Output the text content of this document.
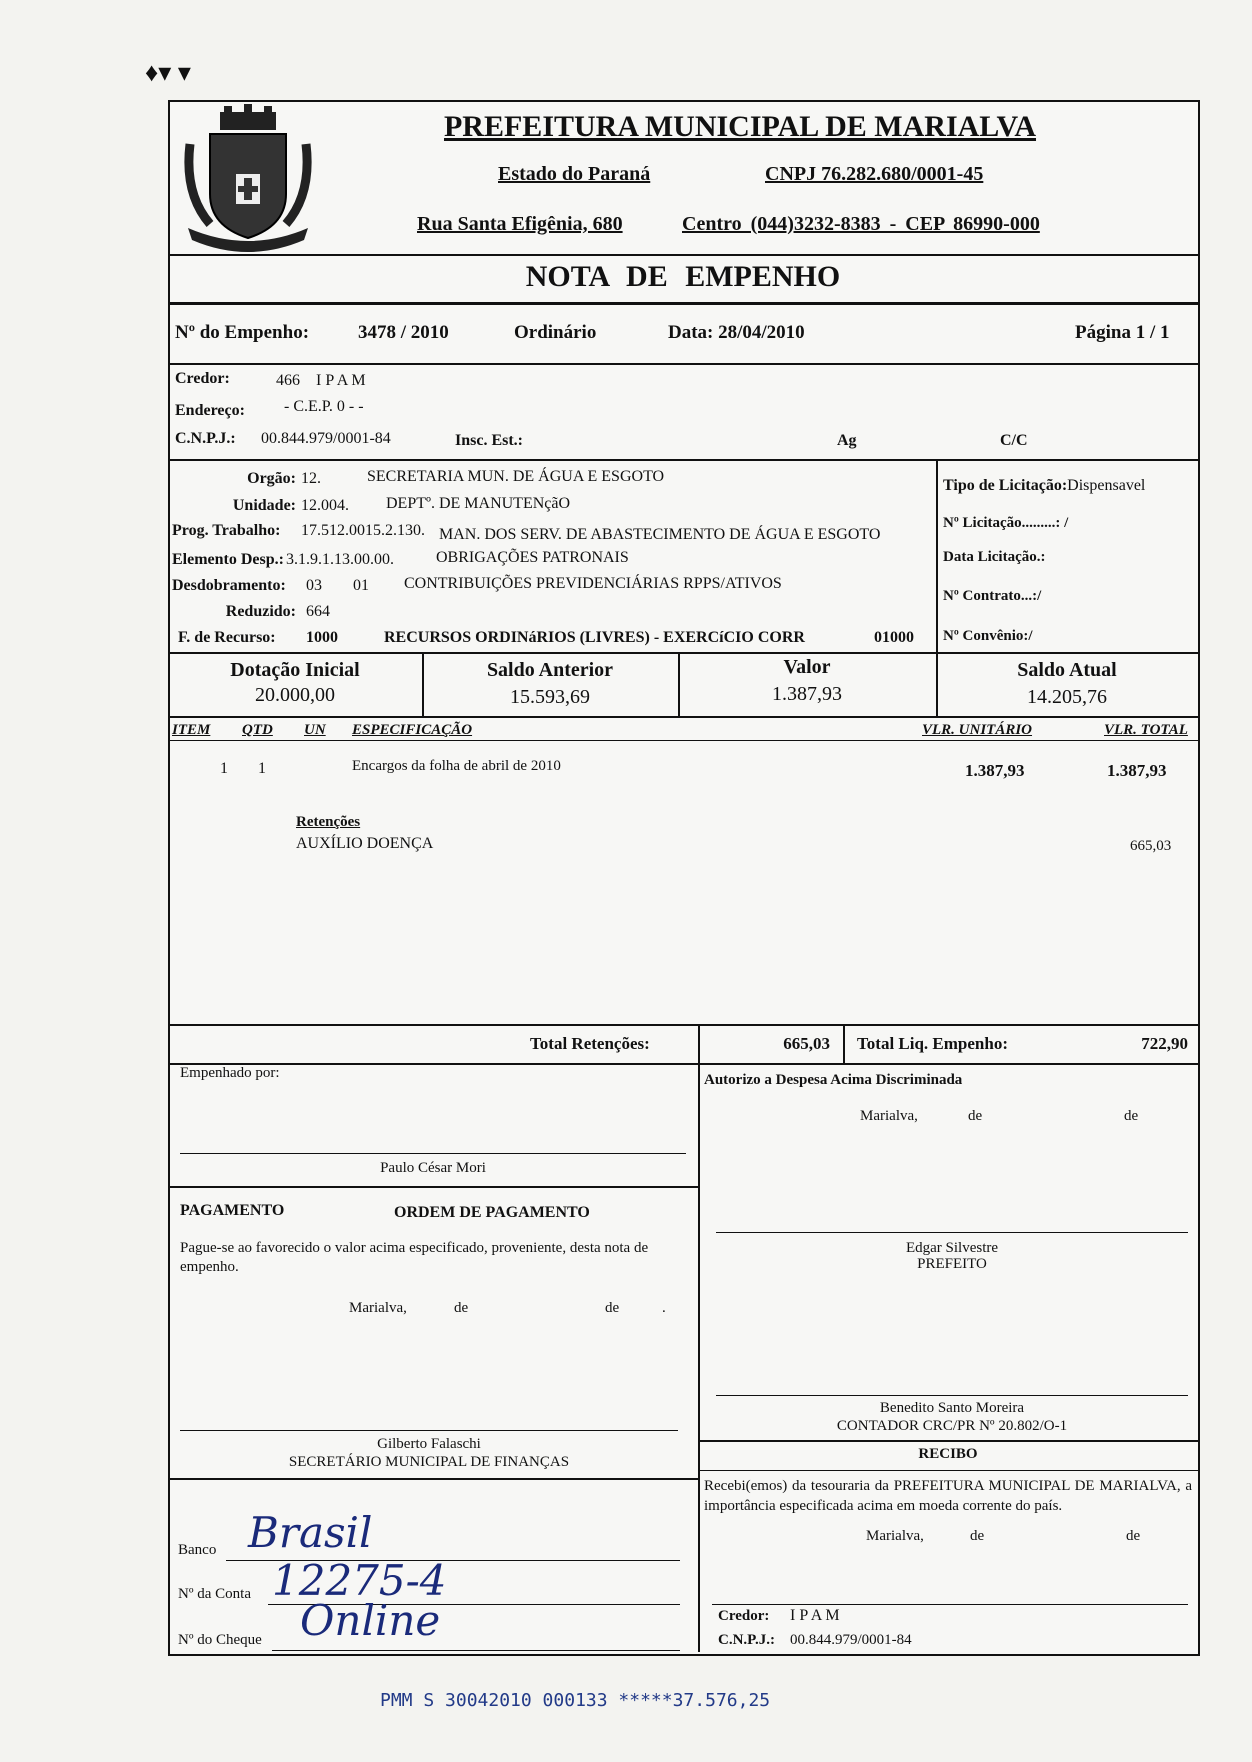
♦▾ ▾
PREFEITURA MUNICIPAL DE MARIALVA
Estado do Paraná	CNPJ 76.282.680/0001-45
Rua Santa Efigênia, 680	Centro (044)3232-8383 - CEP 86990-000
NOTA DE EMPENHO
Nº do Empenho:	3478 / 2010	Ordinário	Data: 28/04/2010	Página 1 / 1
Credor:	466 I P A M
Endereço: - C.E.P. 0 - -
C.N.P.J.: 00.844.979/0001-84	Insc. Est.:	Ag	C/C
Orgão: 12.	SECRETARIA MUN. DE ÁGUA E ESGOTO
Unidade: 12.004. DEPTº. DE MANUTENçãO
Prog. Trabalho: 17.512.0015.2.130. MAN. DOS SERV. DE ABASTECIMENTO DE ÁGUA E ESGOTO
Elemento Desp.: 3.1.9.1.13.00.00.	OBRIGAÇÕES PATRONAIS
Desdobramento: 03 01 CONTRIBUIÇÕES PREVIDENCIÁRIAS RPPS/ATIVOS
Reduzido: 664
F. de Recurso: 1000	RECURSOS ORDINáRIOS (LIVRES) - EXERCíCIO CORR	01000
Tipo de Licitação:Dispensavel
Nº Licitação.........: /
Data Licitação.:
Nº Contrato...:/
Nº Convênio:/
Dotação Inicial
20.000,00
Saldo Anterior
15.593,69
Valor
1.387,93
Saldo Atual
14.205,76
ITEM QTD UN ESPECIFICAÇÃO	VLR. UNITÁRIO	VLR. TOTAL
1 1	Encargos da folha de abril de 2010	1.387,93	1.387,93
Retenções
AUXÍLIO DOENÇA	665,03
Total Retenções:	665,03 Total Liq. Empenho:	722,90
Empenhado por:
Paulo César Mori
PAGAMENTO	ORDEM DE PAGAMENTO
Pague-se ao favorecido o valor acima especificado, proveniente, desta nota de empenho.
Marialva,	de	de	.
Gilberto Falaschi
SECRETÁRIO MUNICIPAL DE FINANÇAS
Banco Brasil
Nº da Conta 12275-4
Nº do Cheque Online
Autorizo a Despesa Acima Discriminada
Marialva,	de	de
Edgar Silvestre
PREFEITO
Benedito Santo Moreira
CONTADOR CRC/PR Nº 20.802/O-1
RECIBO
Recebi(emos) da tesouraria da PREFEITURA MUNICIPAL DE MARIALVA, a importância especificada acima em moeda corrente do país.
Marialva,	de	de
Credor: I P A M
C.N.P.J.: 00.844.979/0001-84
PMM S 30042010 000133 *****37.576,25
